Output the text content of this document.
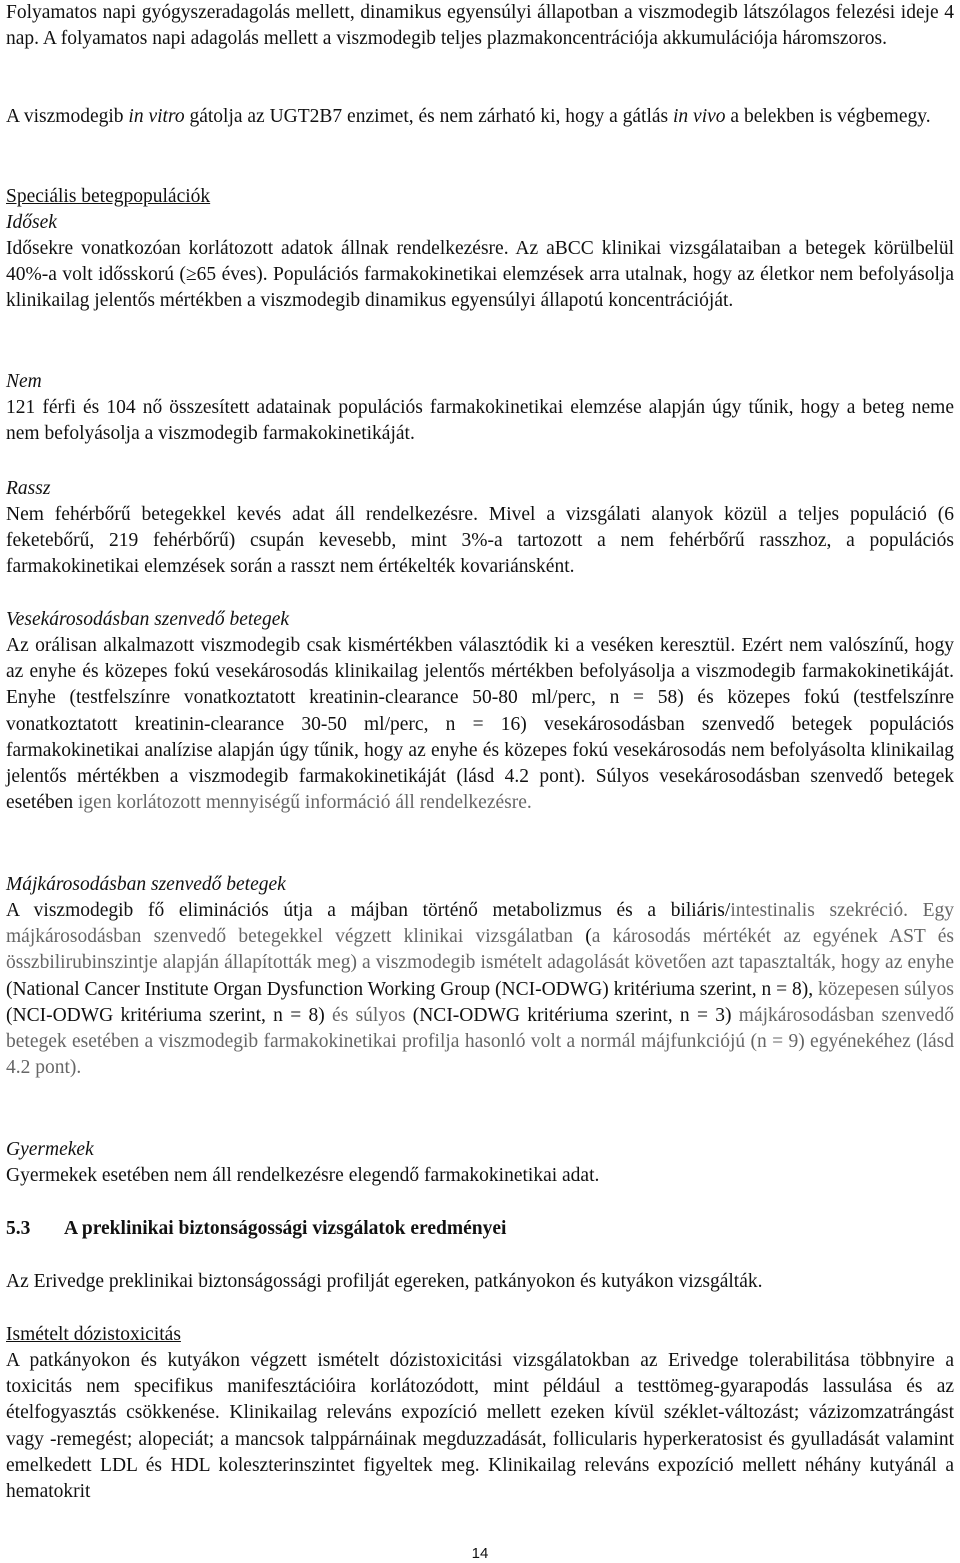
Folyamatos napi gyógyszeradagolás mellett, dinamikus egyensúlyi állapotban a viszmodegib látszólagos felezési ideje 4 nap. A folyamatos napi adagolás mellett a viszmodegib teljes plazmakoncentrációja akkumulációja háromszoros.

A viszmodegib in vitro gátolja az UGT2B7 enzimet, és nem zárható ki, hogy a gátlás in vivo a belekben is végbemegy.

Speciális betegpopulációk

Idősek

Idősekre vonatkozóan korlátozott adatok állnak rendelkezésre. Az aBCC klinikai vizsgálataiban a betegek körülbelül 40%-a volt idősskorú (≥65 éves). Populációs farmakokinetikai elemzések arra utalnak, hogy az életkor nem befolyásolja klinikailag jelentős mértékben a viszmodegib dinamikus egyensúlyi állapotú koncentrációját.

Nem

121 férfi és 104 nő összesített adatainak populációs farmakokinetikai elemzése alapján úgy tűnik, hogy a beteg neme nem befolyásolja a viszmodegib farmakokinetikáját.

Rassz

Nem fehérbőrű betegekkel kevés adat áll rendelkezésre. Mivel a vizsgálati alanyok közül a teljes populáció (6 feketebőrű, 219 fehérbőrű) csupán kevesebb, mint 3%-a tartozott a nem fehérbőrű rasszhoz, a populációs farmakokinetikai elemzések során a rasszt nem értékelték kovariánsként.

Vesekárosodásban szenvedő betegek

Az orálisan alkalmazott viszmodegib csak kismértékben választódik ki a veséken keresztül. Ezért nem valószínű, hogy az enyhe és közepes fokú vesekárosodás klinikailag jelentős mértékben befolyásolja a viszmodegib farmakokinetikáját. Enyhe (testfelszínre vonatkoztatott kreatinin-clearance 50-80 ml/perc, n = 58) és közepes fokú (testfelszínre vonatkoztatott kreatinin-clearance 30-50 ml/perc, n = 16) vesekárosodásban szenvedő betegek populációs farmakokinetikai analízise alapján úgy tűnik, hogy az enyhe és közepes fokú vesekárosodás nem befolyásolta klinikailag jelentős mértékben a viszmodegib farmakokinetikáját (lásd 4.2 pont). Súlyos vesekárosodásban szenvedő betegek esetében igen korlátozott mennyiségű információ áll rendelkezésre.

Májkárosodásban szenvedő betegek

A viszmodegib fő eliminációs útja a májban történő metabolizmus és a biliáris/intestinalis szekréció. Egy májkárosodásban szenvedő betegekkel végzett klinikai vizsgálatban (a károsodás mértékét az egyének AST és összbilirubinszintje alapján állapították meg) a viszmodegib ismételt adagolását követően azt tapasztalták, hogy az enyhe (National Cancer Institute Organ Dysfunction Working Group (NCI-ODWG) kritériuma szerint, n = 8), közepesen súlyos (NCI-ODWG kritériuma szerint, n = 8) és súlyos (NCI-ODWG kritériuma szerint, n = 3) májkárosodásban szenvedő betegek esetében a viszmodegib farmakokinetikai profilja hasonló volt a normál májfunkciójú (n = 9) egyénekéhez (lásd 4.2 pont).

Gyermekek

Gyermekek esetében nem áll rendelkezésre elegendő farmakokinetikai adat.

5.3 A preklinikai biztonságossági vizsgálatok eredményei

Az Erivedge preklinikai biztonságossági profilját egereken, patkányokon és kutyákon vizsgálták.

Ismételt dózistoxicitás

A patkányokon és kutyákon végzett ismételt dózistoxicitási vizsgálatokban az Erivedge tolerabilitása többnyire a toxicitás nem specifikus manifesztációira korlátozódott, mint például a testtömeg-gyarapodás lassulása és az ételfogyasztás csökkenése. Klinikailag releváns expozíció mellett ezeken kívül széklet-változást; vázizomzatrángást vagy -remegést; alopeciát; a mancsok talppárnáinak megduzzadását, follicularis hyperkeratosist és gyulladását valamint emelkedett LDL és HDL koleszterinszintet figyeltek meg. Klinikailag releváns expozíció mellett néhány kutyánál a hematokrit

14
